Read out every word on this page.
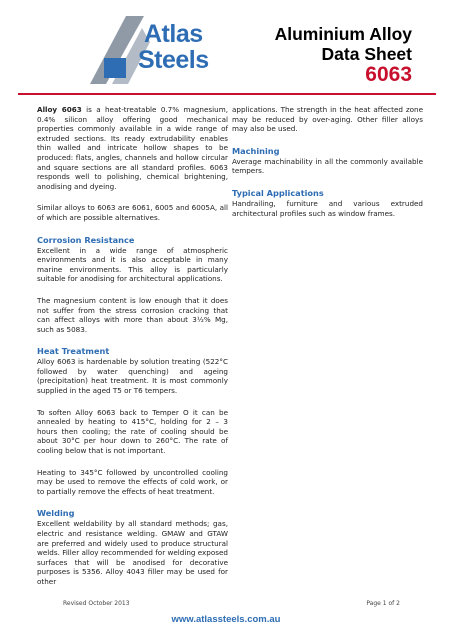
Atlas
Steels
Aluminium Alloy
Data Sheet
6063

Alloy 6063 is a heat-treatable 0.7% magnesium, 0.4% silicon alloy offering good mechanical properties commonly available in a wide range of extruded sections. Its ready extrudability enables thin walled and intricate hollow shapes to be produced: flats, angles, channels and hollow circular and square sections are all standard profiles. 6063 responds well to polishing, chemical brightening, anodising and dyeing.

Similar alloys to 6063 are 6061, 6005 and 6005A, all of which are possible alternatives.

Corrosion Resistance

Excellent in a wide range of atmospheric environments and it is also acceptable in many marine environments. This alloy is particularly suitable for anodising for architectural applications.

The magnesium content is low enough that it does not suffer from the stress corrosion cracking that can affect alloys with more than about 3½% Mg, such as 5083.

Heat Treatment

Alloy 6063 is hardenable by solution treating (522°C followed by water quenching) and ageing (precipitation) heat treatment. It is most commonly supplied in the aged T5 or T6 tempers.

To soften Alloy 6063 back to Temper O it can be annealed by heating to 415°C, holding for 2 – 3 hours then cooling; the rate of cooling should be about 30°C per hour down to 260°C. The rate of cooling below that is not important.

Heating to 345°C followed by uncontrolled cooling may be used to remove the effects of cold work, or to partially remove the effects of heat treatment.

Welding

Excellent weldability by all standard methods; gas, electric and resistance welding. GMAW and GTAW are preferred and widely used to produce structural welds. Filler alloy recommended for welding exposed surfaces that will be anodised for decorative purposes is 5356. Alloy 4043 filler may be used for other

applications. The strength in the heat affected zone may be reduced by over-aging. Other filler alloys may also be used.

Machining

Average machinability in all the commonly available tempers.

Typical Applications

Handrailing, furniture and various extruded architectural profiles such as window frames.

Revised October 2013
www.atlassteels.com.au
Page 1 of 2
